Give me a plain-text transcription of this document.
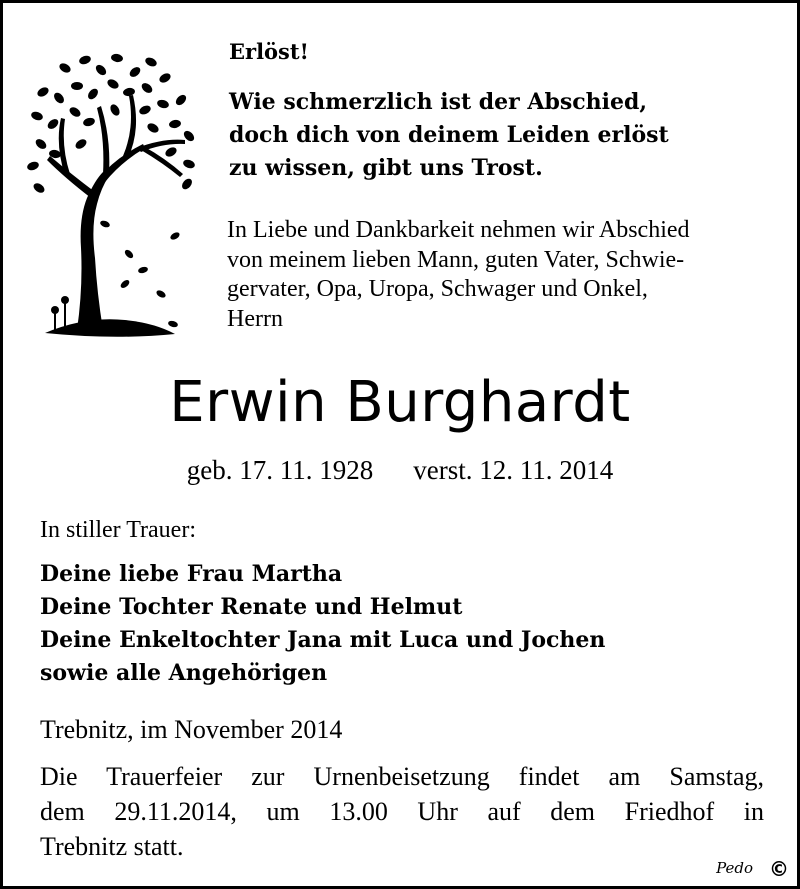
Erlöst!

Wie schmerzlich ist der Abschied,
doch dich von deinem Leiden erlöst
zu wissen, gibt uns Trost.

In Liebe und Dankbarkeit nehmen wir Abschied
von meinem lieben Mann, guten Vater, Schwie-
gervater, Opa, Uropa, Schwager und Onkel,
Herrn

Erwin Burghardt

geb. 17. 11. 1928 verst. 12. 11. 2014

In stiller Trauer:

Deine liebe Frau Martha
Deine Tochter Renate und Helmut
Deine Enkeltochter Jana mit Luca und Jochen
sowie alle Angehörigen

Trebnitz, im November 2014

Die Trauerfeier zur Urnenbeisetzung findet am Samstag,
dem 29.11.2014, um 13.00 Uhr auf dem Friedhof in
Trebnitz statt.

Pedo ©
